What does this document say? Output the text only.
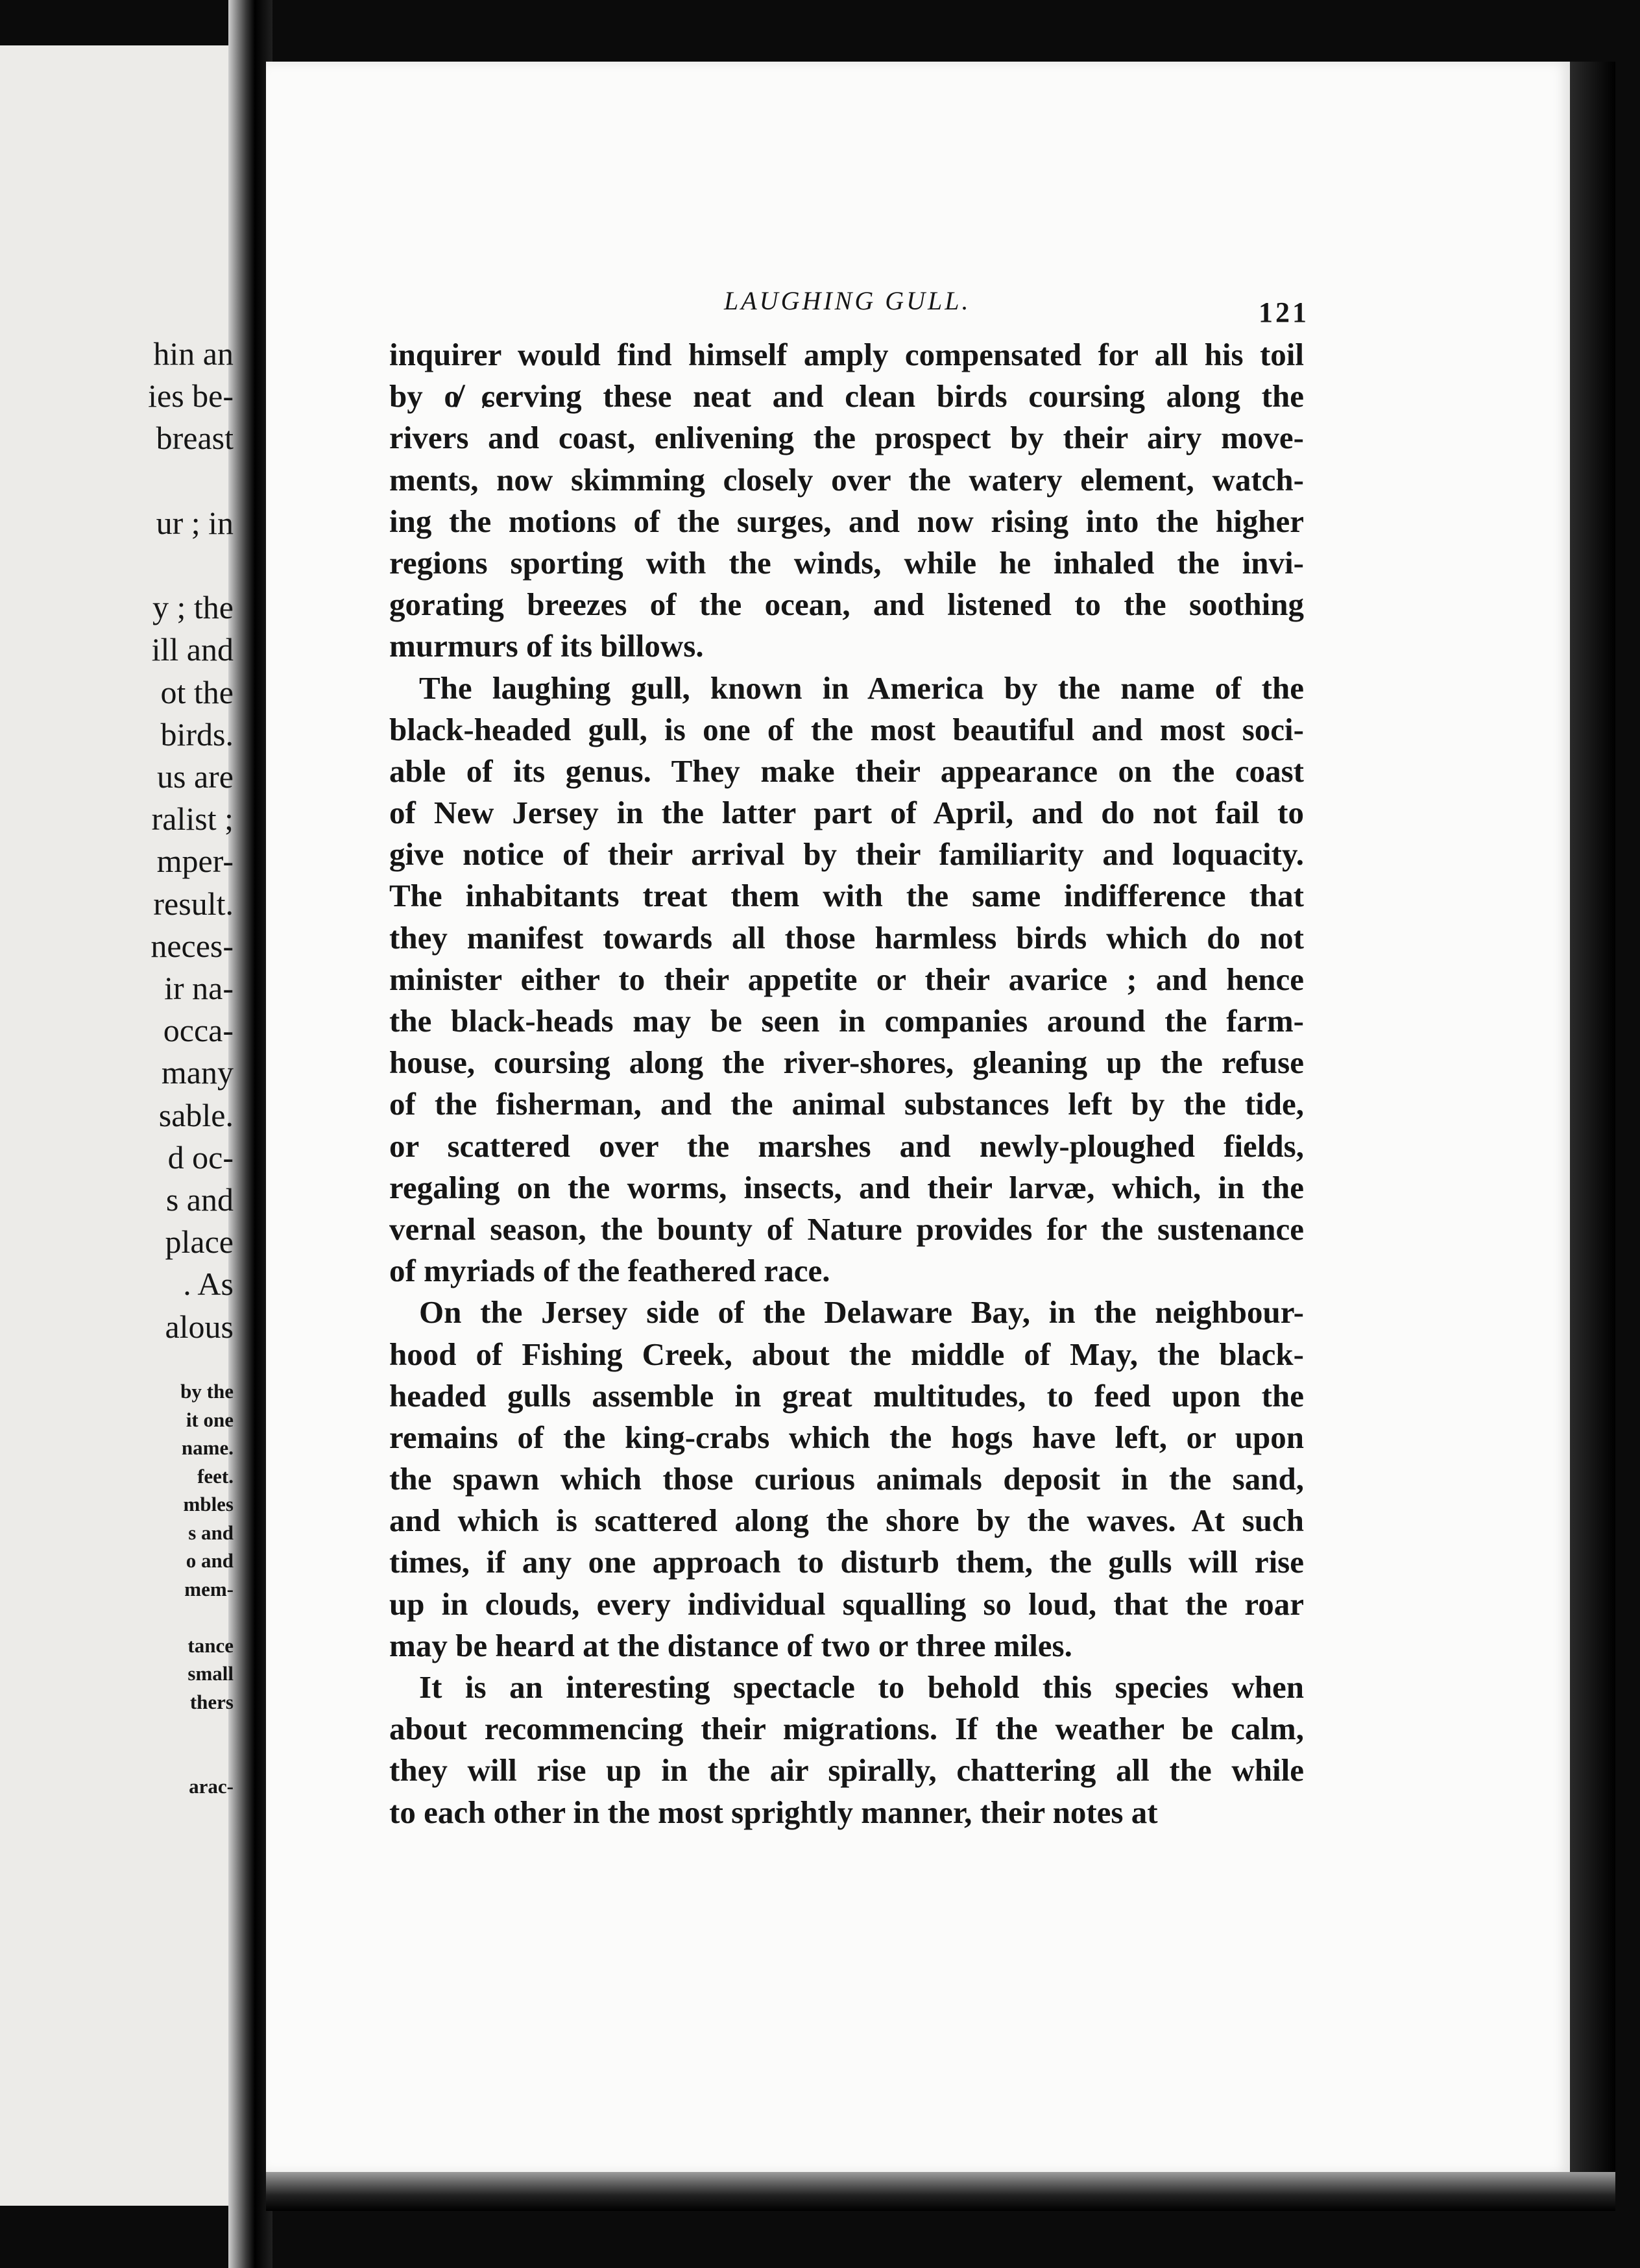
hin an
ies be-
breast
ur ; in
y ; the
ill and
ot the
birds.
us are
ralist ;
mper-
result.
neces-
ir na-
occa-
many
sable.
d oc-
s and
place
. As
alous
by the
it one
name.
feet.
mbles
s and
o and
mem-
tance
small
thers
arac-
LAUGHING GULL.	121
inquirer would find himself amply compensated for all his toil
by o̸ ɕerving these neat and clean birds coursing along the
rivers and coast, enlivening the prospect by their airy move-
ments, now skimming closely over the watery element, watch-
ing the motions of the surges, and now rising into the higher
regions sporting with the winds, while he inhaled the invi-
gorating breezes of the ocean, and listened to the soothing
murmurs of its billows.
The laughing gull, known in America by the name of the
black-headed gull, is one of the most beautiful and most soci-
able of its genus. They make their appearance on the coast
of New Jersey in the latter part of April, and do not fail to
give notice of their arrival by their familiarity and loquacity.
The inhabitants treat them with the same indifference that
they manifest towards all those harmless birds which do not
minister either to their appetite or their avarice ; and hence
the black-heads may be seen in companies around the farm-
house, coursing along the river-shores, gleaning up the refuse
of the fisherman, and the animal substances left by the tide,
or scattered over the marshes and newly-ploughed fields,
regaling on the worms, insects, and their larvæ, which, in the
vernal season, the bounty of Nature provides for the sustenance
of myriads of the feathered race.
On the Jersey side of the Delaware Bay, in the neighbour-
hood of Fishing Creek, about the middle of May, the black-
headed gulls assemble in great multitudes, to feed upon the
remains of the king-crabs which the hogs have left, or upon
the spawn which those curious animals deposit in the sand,
and which is scattered along the shore by the waves. At such
times, if any one approach to disturb them, the gulls will rise
up in clouds, every individual squalling so loud, that the roar
may be heard at the distance of two or three miles.
It is an interesting spectacle to behold this species when
about recommencing their migrations. If the weather be calm,
they will rise up in the air spirally, chattering all the while
to each other in the most sprightly manner, their notes at
